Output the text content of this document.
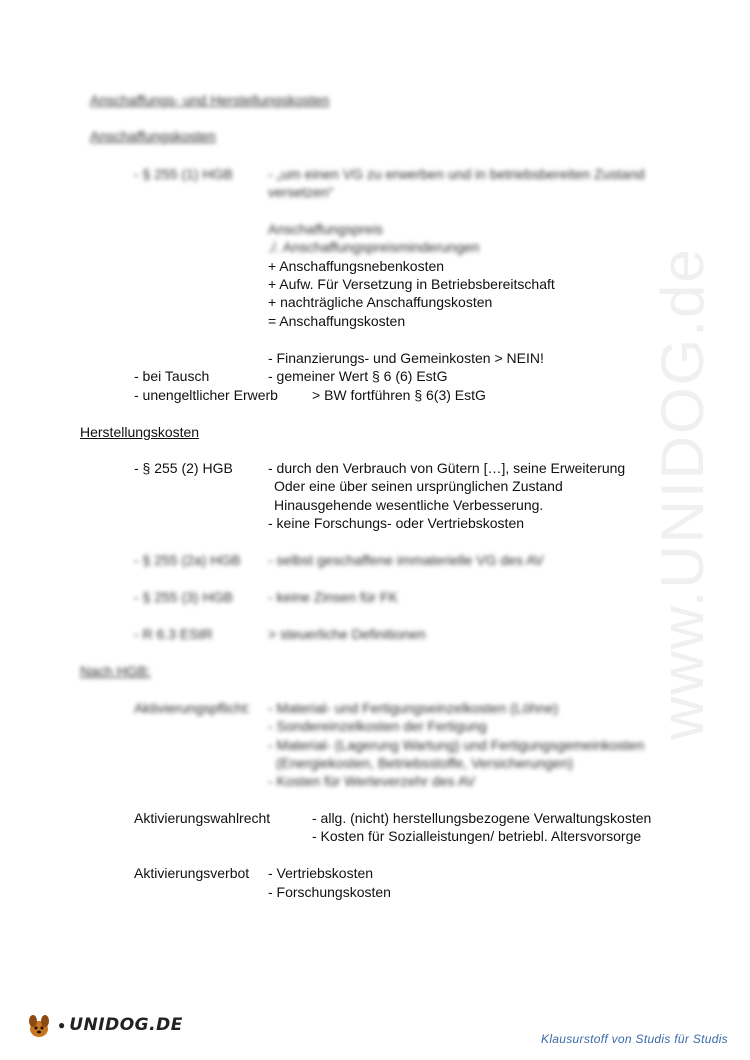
www.UNIDOG.de
Anschaffungs- und Herstellungskosten
Anschaffungskosten
- § 255 (1) HGB	- „um einen VG zu erwerben und in betriebsbereiten Zustand
versetzen“
Anschaffungspreis
./. Anschaffungspreisminderungen
+ Anschaffungsnebenkosten
+ Aufw. Für Versetzung in Betriebsbereitschaft
+ nachträgliche Anschaffungskosten
= Anschaffungskosten
- Finanzierungs- und Gemeinkosten > NEIN!
- bei Tausch	- gemeiner Wert § 6 (6) EstG
- unengeltlicher Erwerb > BW fortführen § 6(3) EstG
Herstellungskosten
- § 255 (2) HGB	- durch den Verbrauch von Gütern […], seine Erweiterung
Oder eine über seinen ursprünglichen Zustand
Hinausgehende wesentliche Verbesserung.
- keine Forschungs- oder Vertriebskosten
- § 255 (2a) HGB - selbst geschaffene immaterielle VG des AV
- § 255 (3) HGB	- keine Zinsen für FK
- R 6.3 EStR	> steuerliche Definitionen
Nach HGB:
Aktivierungspflicht: - Material- und Fertigungseinzelkosten (Löhne)
- Sondereinzelkosten der Fertigung
- Material- (Lagerung Wartung) und Fertigungsgemeinkosten
(Energiekosten, Betriebsstoffe, Versicherungen)
- Kosten für Werteverzehr des AV
Aktivierungswahlrecht	- allg. (nicht) herstellungsbezogene Verwaltungskosten
- Kosten für Sozialleistungen/ betriebl. Altersvorsorge
Aktivierungsverbot - Vertriebskosten
- Forschungskosten
● UNIDOG.DE
Klausurstoff von Studis für Studis
